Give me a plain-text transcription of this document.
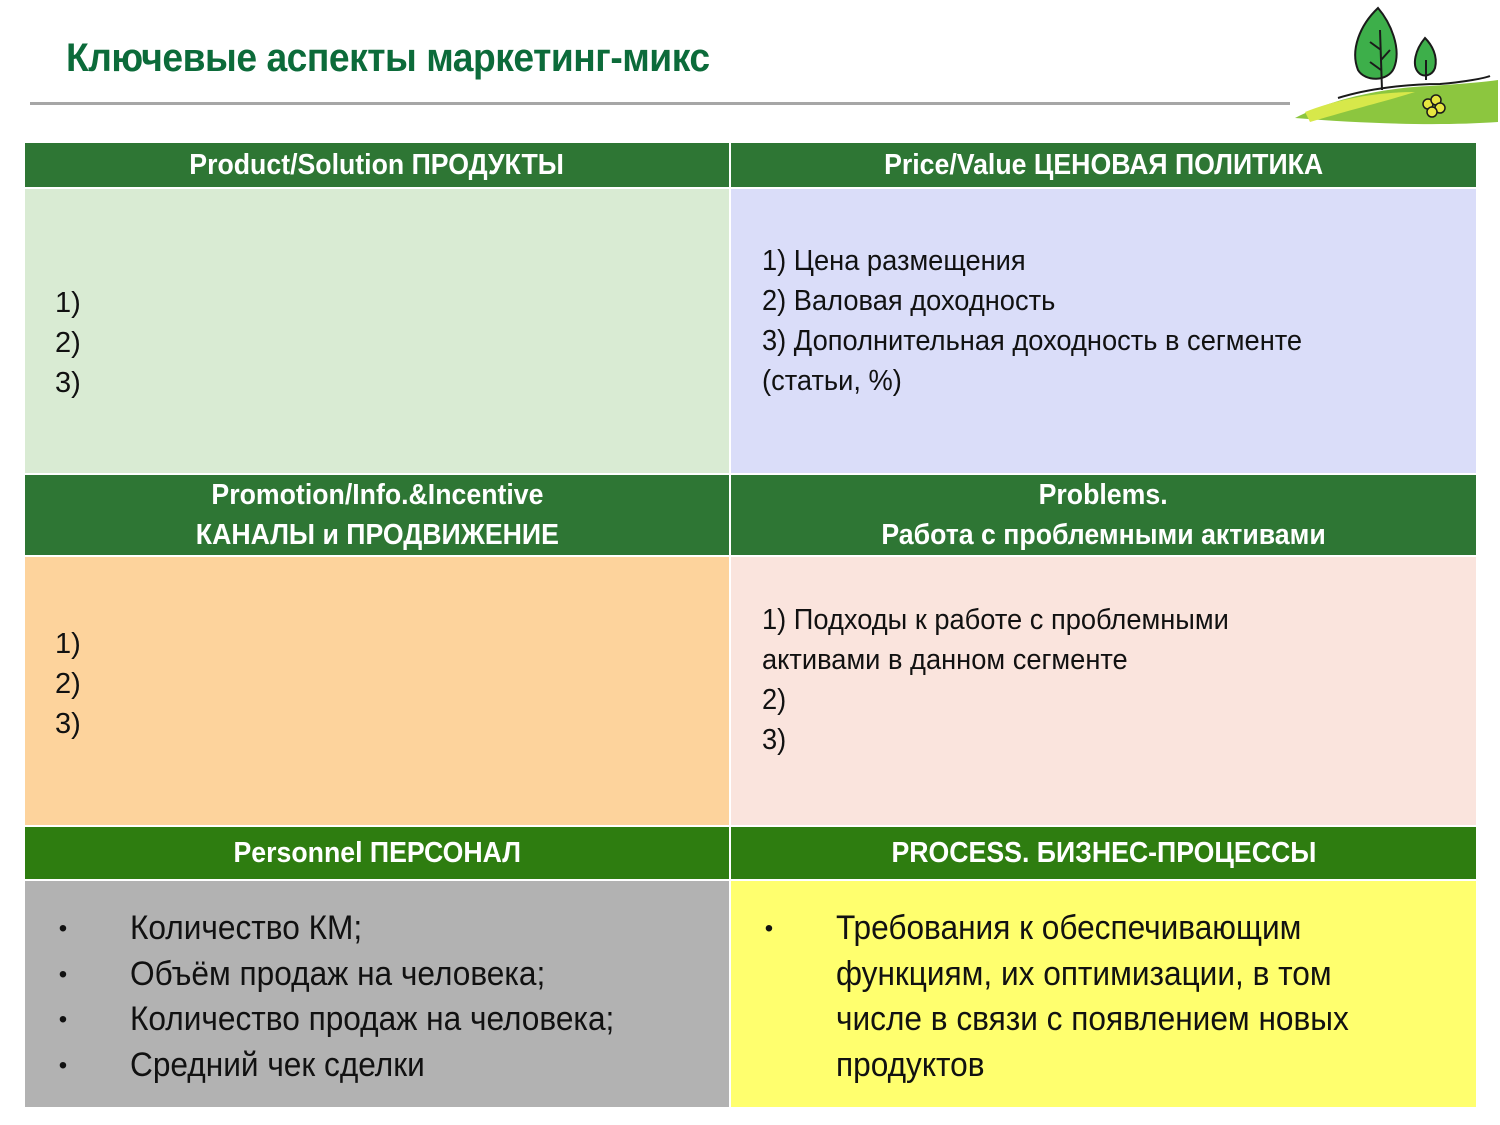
Ключевые аспекты маркетинг-микс
Product/Solution ПРОДУКТЫ	Price/Value ЦЕНОВАЯ ПОЛИТИКА
1)
2)
3)
1) Цена размещения
2) Валовая доходность
3) Дополнительная доходность в сегменте
(статьи, %)
Promotion/Info.&Incentive
КАНАЛЫ и ПРОДВИЖЕНИЕ
Problems.
Работа с проблемными активами
1)
2)
3)
1) Подходы к работе с проблемными
активами в данном сегменте
2)
3)
Personnel ПЕРСОНАЛ	PROCESS. БИЗНЕС-ПРОЦЕССЫ
• Количество КМ;
• Объём продаж на человека;
• Количество продаж на человека;
• Средний чек сделки
• Требования к обеспечивающим
функциям, их оптимизации, в том
числе в связи с появлением новых
продуктов
